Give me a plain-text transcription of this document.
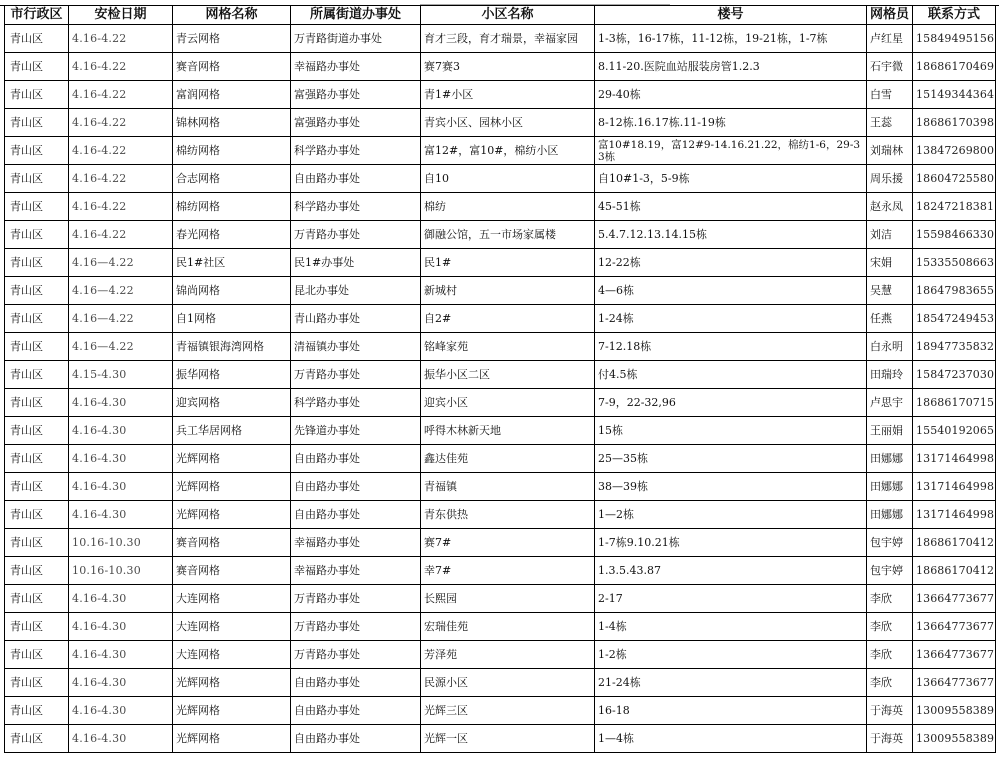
市行政区	安检日期	网格名称	所属街道办事处	小区名称	楼号	网格员	联系方式
青山区	4.16-4.22	青云网格	万青路街道办事处	育才三段，育才瑞景，幸福家园	1-3栋，16-17栋，11-12栋，19-21栋，1-7栋	卢红星	15849495156
青山区	4.16-4.22	赛音网格	幸福路办事处	赛7赛3	8.11-20.医院血站服装房管1.2.3	石宇微	18686170469
青山区	4.16-4.22	富润网格	富强路办事处	青1#小区	29-40栋	白雪	15149344364
青山区	4.16-4.22	锦林网格	富强路办事处	青宾小区、园林小区	8-12栋.16.17栋.11-19栋	王蕊	18686170398
青山区	4.16-4.22	棉纺网格	科学路办事处	富12#，富10#，棉纺小区	富10#18.19，富12#9-14.16.21.22，棉纺1-6，29-33栋	刘瑞林	13847269800
青山区	4.16-4.22	合志网格	自由路办事处	自10	自10#1-3，5-9栋	周乐援	18604725580
青山区	4.16-4.22	棉纺网格	科学路办事处	棉纺	45-51栋	赵永凤	18247218381
青山区	4.16-4.22	春光网格	万青路办事处	御融公馆，五一市场家属楼	5.4.7.12.13.14.15栋	刘洁	15598466330
青山区	4.16—4.22	民1#社区	民1#办事处	民1#	12-22栋	宋娟	15335508663
青山区	4.16—4.22	锦尚网格	昆北办事处	新城村	4—6栋	吴慧	18647983655
青山区	4.16—4.22	自1网格	青山路办事处	自2#	1-24栋	任燕	18547249453
青山区	4.16—4.22	青福镇银海湾网格	清福镇办事处	铭峰家苑	7-12.18栋	白永明	18947735832
青山区	4.15-4.30	振华网格	万青路办事处	振华小区二区	付4.5栋	田瑞玲	15847237030
青山区	4.16-4.30	迎宾网格	科学路办事处	迎宾小区	7-9，22-32,96	卢思宇	18686170715
青山区	4.16-4.30	兵工华居网格	先锋道办事处	呼得木林新天地	15栋	王丽娟	15540192065
青山区	4.16-4.30	光辉网格	自由路办事处	鑫达佳苑	25—35栋	田娜娜	13171464998
青山区	4.16-4.30	光辉网格	自由路办事处	青福镇	38—39栋	田娜娜	13171464998
青山区	4.16-4.30	光辉网格	自由路办事处	青东供热	1—2栋	田娜娜	13171464998
青山区	10.16-10.30	赛音网格	幸福路办事处	赛7#	1-7栋9.10.21栋	包宇婷	18686170412
青山区	10.16-10.30	赛音网格	幸福路办事处	幸7#	1.3.5.43.87	包宇婷	18686170412
青山区	4.16-4.30	大连网格	万青路办事处	长熙园	2-17	李欣	13664773677
青山区	4.16-4.30	大连网格	万青路办事处	宏瑞佳苑	1-4栋	李欣	13664773677
青山区	4.16-4.30	大连网格	万青路办事处	芳泽苑	1-2栋	李欣	13664773677
青山区	4.16-4.30	光辉网格	自由路办事处	民源小区	21-24栋	李欣	13664773677
青山区	4.16-4.30	光辉网格	自由路办事处	光辉三区	16-18	于海英	13009558389
青山区	4.16-4.30	光辉网格	自由路办事处	光辉一区	1—4栋	于海英	13009558389
